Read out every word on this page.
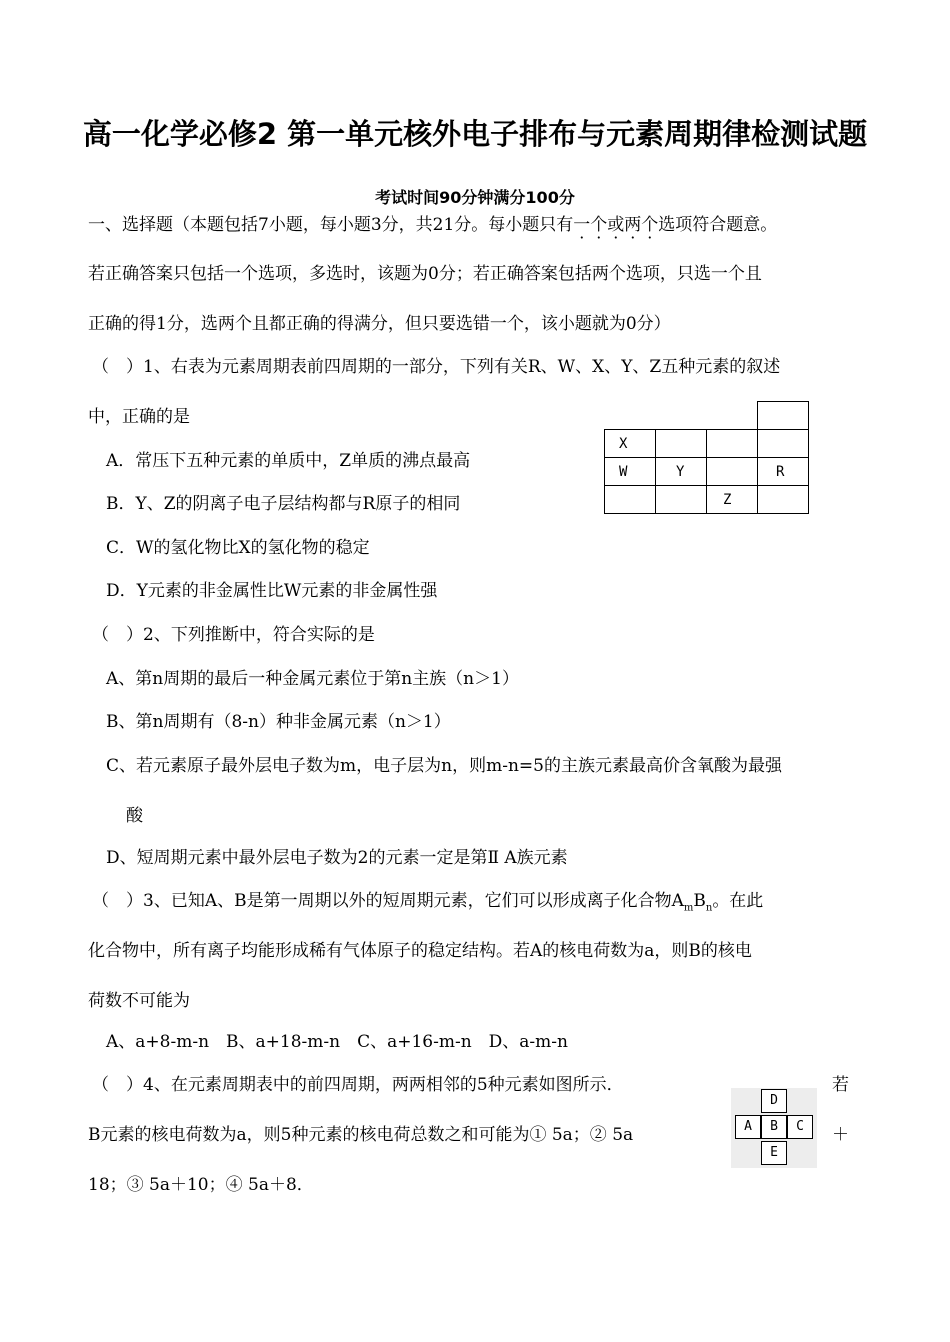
高一化学必修2 第一单元核外电子排布与元素周期律检测试题
考试时间90分钟满分100分
一、选择题（本题包括7小题，每小题3分，共21分。每小题只有一个或两个选项符合题意。
若正确答案只包括一个选项，多选时，该题为0分；若正确答案包括两个选项，只选一个且
正确的得1分，选两个且都正确的得满分，但只要选错一个，该小题就为0分）
（　）1、右表为元素周期表前四周期的一部分，下列有关R、W、X、Y、Z五种元素的叙述
中，正确的是
A．常压下五种元素的单质中，Z单质的沸点最高
B．Y、Z的阴离子电子层结构都与R原子的相同
C．W的氢化物比X的氢化物的稳定
D．Y元素的非金属性比W元素的非金属性强

X			
W	Y		R
		Z	
（　）2、下列推断中，符合实际的是
A、第n周期的最后一种金属元素位于第n主族（n＞1）
B、第n周期有（8-n）种非金属元素（n＞1）
C、若元素原子最外层电子数为m，电子层为n，则m-n=5的主族元素最高价含氧酸为最强
酸
D、短周期元素中最外层电子数为2的元素一定是第Ⅱ A族元素
（　）3、已知A、B是第一周期以外的短周期元素，它们可以形成离子化合物$A_mB_n$。在此
化合物中，所有离子均能形成稀有气体原子的稳定结构。若A的核电荷数为a，则B的核电
荷数不可能为
A、a+8-m-n　B、a+18-m-n　C、a+16-m-n　D、a-m-n
（　）4、在元素周期表中的前四周期，两两相邻的5种元素如图所示．	若
B元素的核电荷数为a，则5种元素的核电荷总数之和可能为① 5a；② 5a	＋
18；③ 5a＋10；④ 5a＋8．
D
A	B	C
E
